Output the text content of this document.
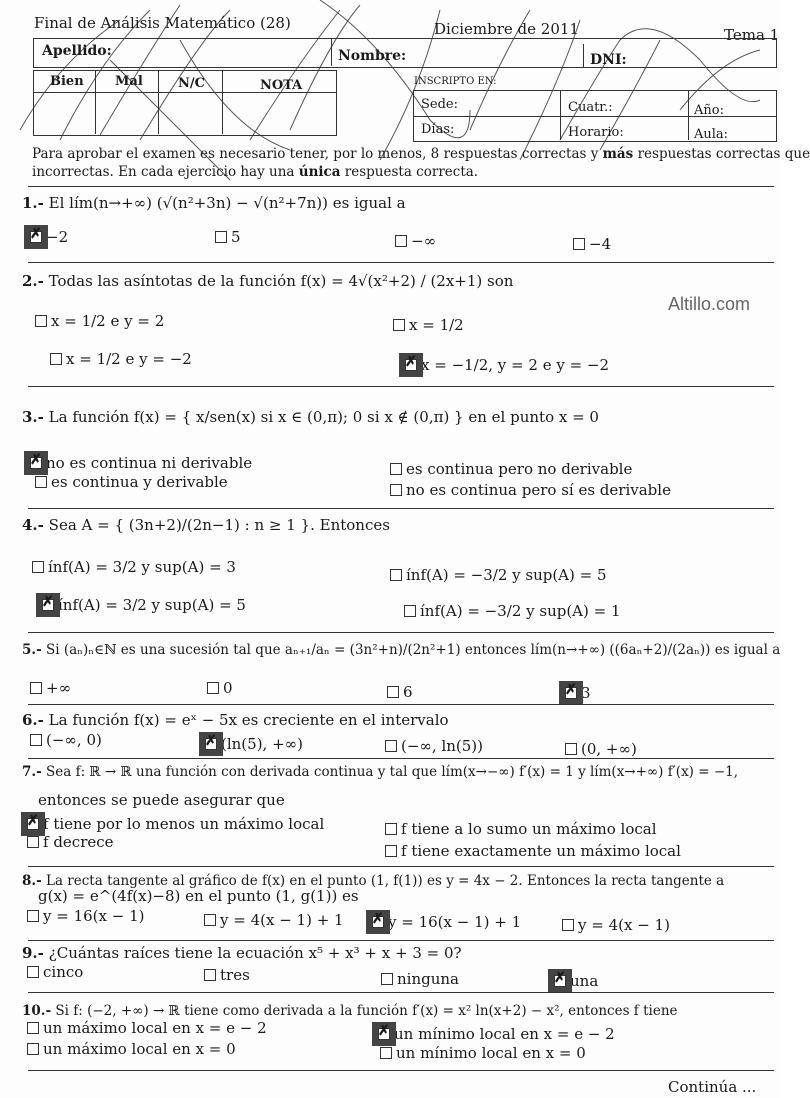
Final de Análisis Matemático (28)	Diciembre de 2011	Tema 1
Apellido:	Nombre:	DNI:
Bien Mal	N/C	NOTA	INSCRIPTO EN:
Sede:	Cuatr.:	Año:
Días:	Horario:	Aula:
Para aprobar el examen es necesario tener, por lo menos, 8 respuestas correctas y más respuestas correctas que
incorrectas. En cada ejercicio hay una única respuesta correcta.
Altillo.com
1.- El lím(n→+∞) (√(n²+3n) − √(n²+7n)) es igual a
✗−2	5	−∞	−4
2.- Todas las asíntotas de la función f(x) = 4√(x²+2) / (2x+1) son
x = 1/2 e y = 2	x = 1/2
x = 1/2 e y = −2 ✗	x = −1/2, y = 2 e y = −2
3.- La función f(x) = { x/sen(x) si x ∈ (0,π); 0 si x ∉ (0,π) } en el punto x = 0
✗no es continua ni derivable	es continua pero no derivable
es continua y derivable	no es continua pero sí es derivable
4.- Sea A = { (3n+2)/(2n−1) : n ≥ 1 }. Entonces
ínf(A) = 3/2 y sup(A) = 3	ínf(A) = −3/2 y sup(A) = 5
✗ínf(A) = 3/2 y sup(A) = 5	ínf(A) = −3/2 y sup(A) = 1
5.- Si (aₙ)ₙ∈ℕ es una sucesión tal que aₙ₊₁/aₙ = (3n²+n)/(2n²+1) entonces lím(n→+∞) ((6aₙ+2)/(2aₙ)) es igual a
+∞	0	6 ✗	3
6.- La función f(x) = eˣ − 5x es creciente en el intervalo
(−∞, 0) ✗	(ln(5), +∞)	(−∞, ln(5))	(0, +∞)
7.- Sea f: ℝ → ℝ una función con derivada continua y tal que lím(x→−∞) f′(x) = 1 y lím(x→+∞) f′(x) = −1,
entonces se puede asegurar que
✗f tiene por lo menos un máximo local	f tiene a lo sumo un máximo local
f decrece	f tiene exactamente un máximo local
8.- La recta tangente al gráfico de f(x) en el punto (1, f(1)) es y = 4x − 2. Entonces la recta tangente a
g(x) = e^(4f(x)−8) en el punto (1, g(1)) es
y = 16(x − 1)	y = 4(x − 1) + 1 ✗	y = 16(x − 1) + 1	y = 4(x − 1)
9.- ¿Cuántas raíces tiene la ecuación x⁵ + x³ + x + 3 = 0?
cinco	tres	ninguna ✗	una
10.- Si f: (−2, +∞) → ℝ tiene como derivada a la función f′(x) = x² ln(x+2) − x², entonces f tiene
un máximo local en x = e − 2 ✗	un mínimo local en x = e − 2
un máximo local en x = 0	un mínimo local en x = 0
Continúa ...
